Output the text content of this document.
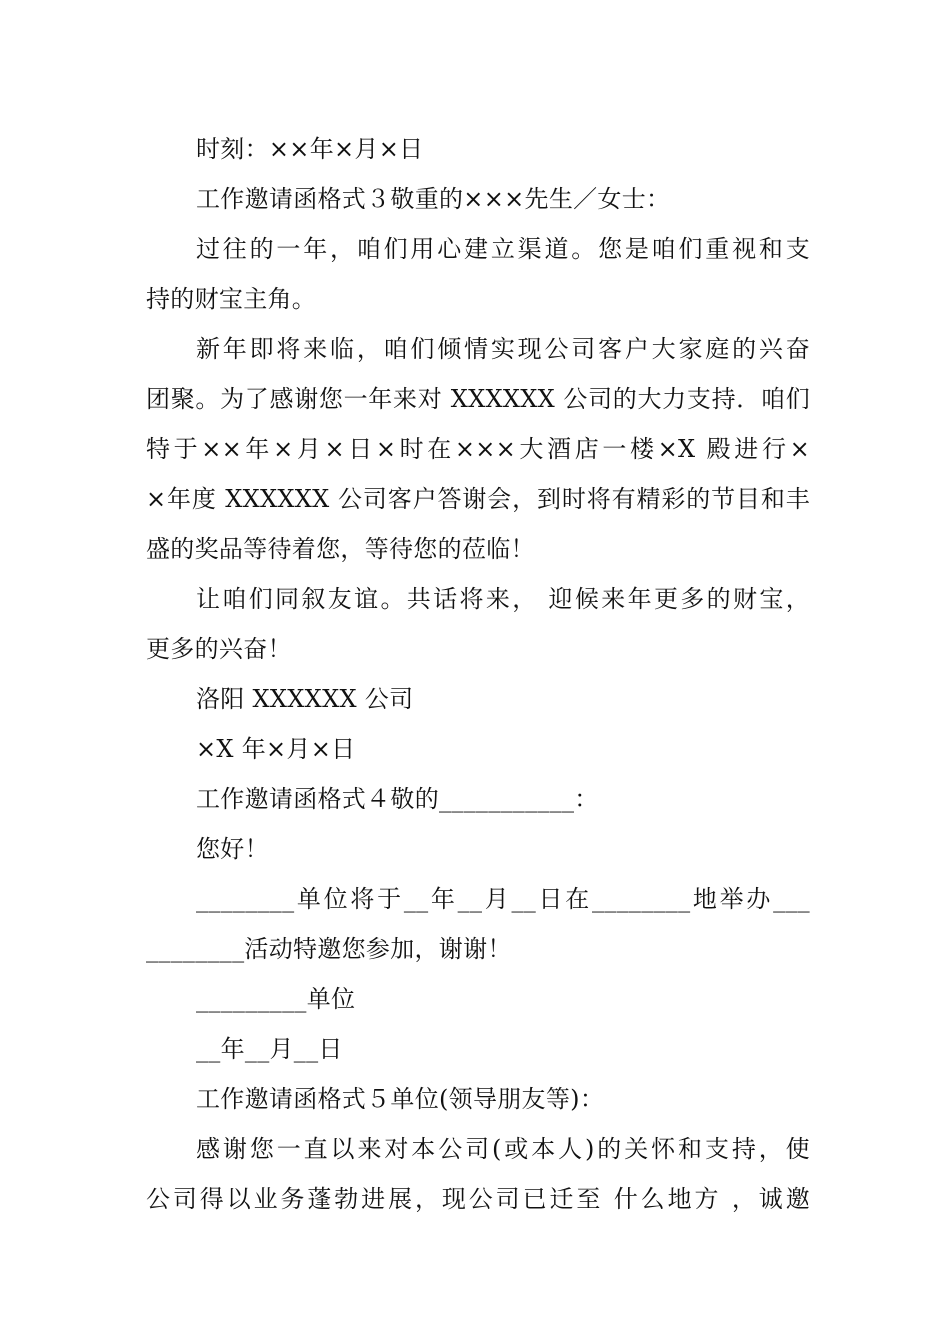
时刻：××年×月×日
工作邀请函格式３敬重的×××先生／女士：
过往的一年，咱们用心建立渠道。您是咱们重视和支
持的财宝主角。
新年即将来临，咱们倾情实现公司客户大家庭的兴奋
团聚。为了感谢您一年来对 XXXXXX 公司的大力支持．咱们
特于××年×月×日×时在×××大酒店一楼×X 殿进行×
×年度 XXXXXX 公司客户答谢会，到时将有精彩的节目和丰
盛的奖品等待着您，等待您的莅临！
让咱们同叙友谊。共话将来， 迎候来年更多的财宝，
更多的兴奋！
洛阳 XXXXXX 公司
×X 年×月×日
工作邀请函格式４敬的___________：
您好！
________单位将于__年__月__日在________地举办___
________活动特邀您参加，谢谢！
_________单位
__年__月__日
工作邀请函格式５单位(领导朋友等)：
感谢您一直以来对本公司(或本人)的关怀和支持，使
公司得以业务蓬勃进展，现公司已迁至 什么地方 ，诚邀
